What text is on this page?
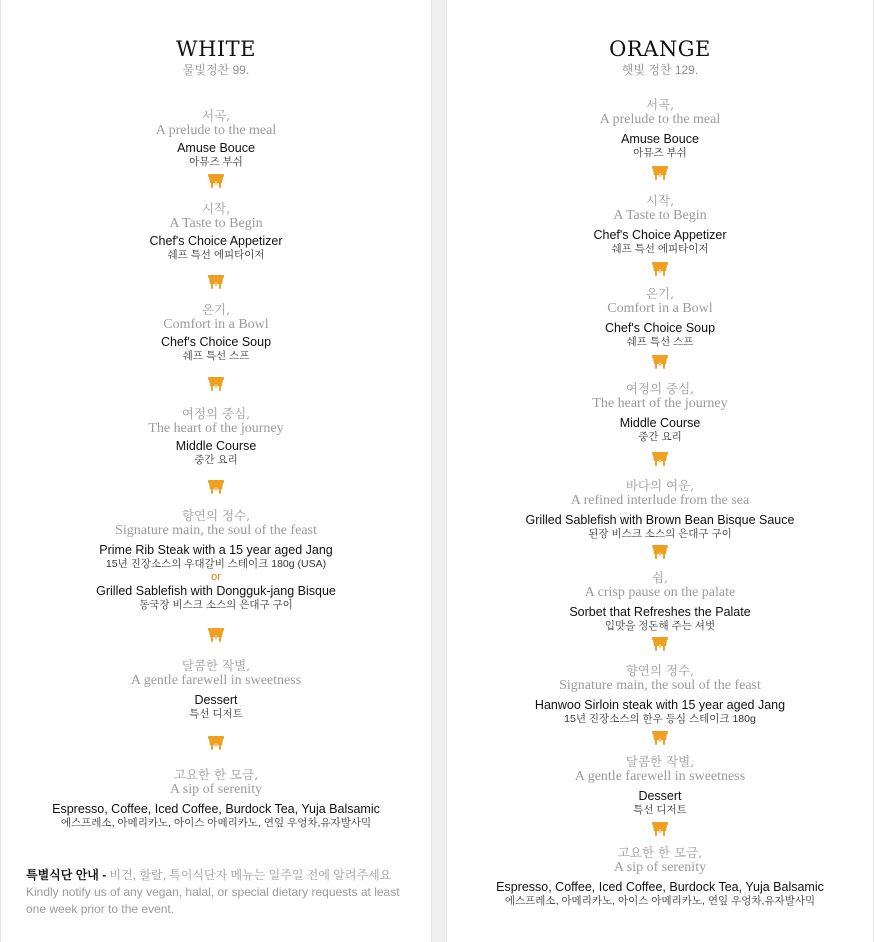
WHITE
물빛정찬 99.
서곡,
A prelude to the meal
Amuse Bouce
아뮤즈 부쉬
시작,
A Taste to Begin
Chef's Choice Appetizer
쉐프 특선 에피타이저
온기,
Comfort in a Bowl
Chef's Choice Soup
쉐프 특선 스프
여정의 중심,
The heart of the journey
Middle Course
중간 요리
향연의 정수,
Signature main, the soul of the feast
Prime Rib Steak with a 15 year aged Jang
15년 진장소스의 우대갈비 스테이크 180g (USA)
or
Grilled Sablefish with Dongguk-jang Bisque
동국장 비스크 소스의 은대구 구이
달콤한 작별,
A gentle farewell in sweetness
Dessert
특선 디저트
고요한 한 모금,
A sip of serenity
Espresso, Coffee, Iced Coffee, Burdock Tea, Yuja Balsamic
에스프레소, 아메리카노, 아이스 아메리카노, 연잎 우엉차,유자발사믹
특별식단 안내 - 비건, 할랄, 특이식단자 메뉴는 일주일 전에 알려주세요
Kindly notify us of any vegan, halal, or special dietary requests at least one week prior to the event.
ORANGE
햇빛 정찬 129.
서곡,
A prelude to the meal
Amuse Bouce
아뮤즈 부쉬
시작,
A Taste to Begin
Chef's Choice Appetizer
쉐프 특선 에피타이저
온기,
Comfort in a Bowl
Chef's Choice Soup
쉐프 특선 스프
여정의 중심,
The heart of the journey
Middle Course
중간 요리
바다의 여운,
A refined interlude from the sea
Grilled Sablefish with Brown Bean Bisque Sauce
된장 비스크 소스의 은대구 구이
쉼,
A crisp pause on the palate
Sorbet that Refreshes the Palate
입맛을 정돈해 주는 셔벗
향연의 정수,
Signature main, the soul of the feast
Hanwoo Sirloin steak with 15 year aged Jang
15년 진장소스의 한우 등심 스테이크 180g
달콤한 작별,
A gentle farewell in sweetness
Dessert
특선 디저트
고요한 한 모금,
A sip of serenity
Espresso, Coffee, Iced Coffee, Burdock Tea, Yuja Balsamic
에스프레소, 아메리카노, 아이스 아메리카노, 연잎 우엉차,유자발사믹
